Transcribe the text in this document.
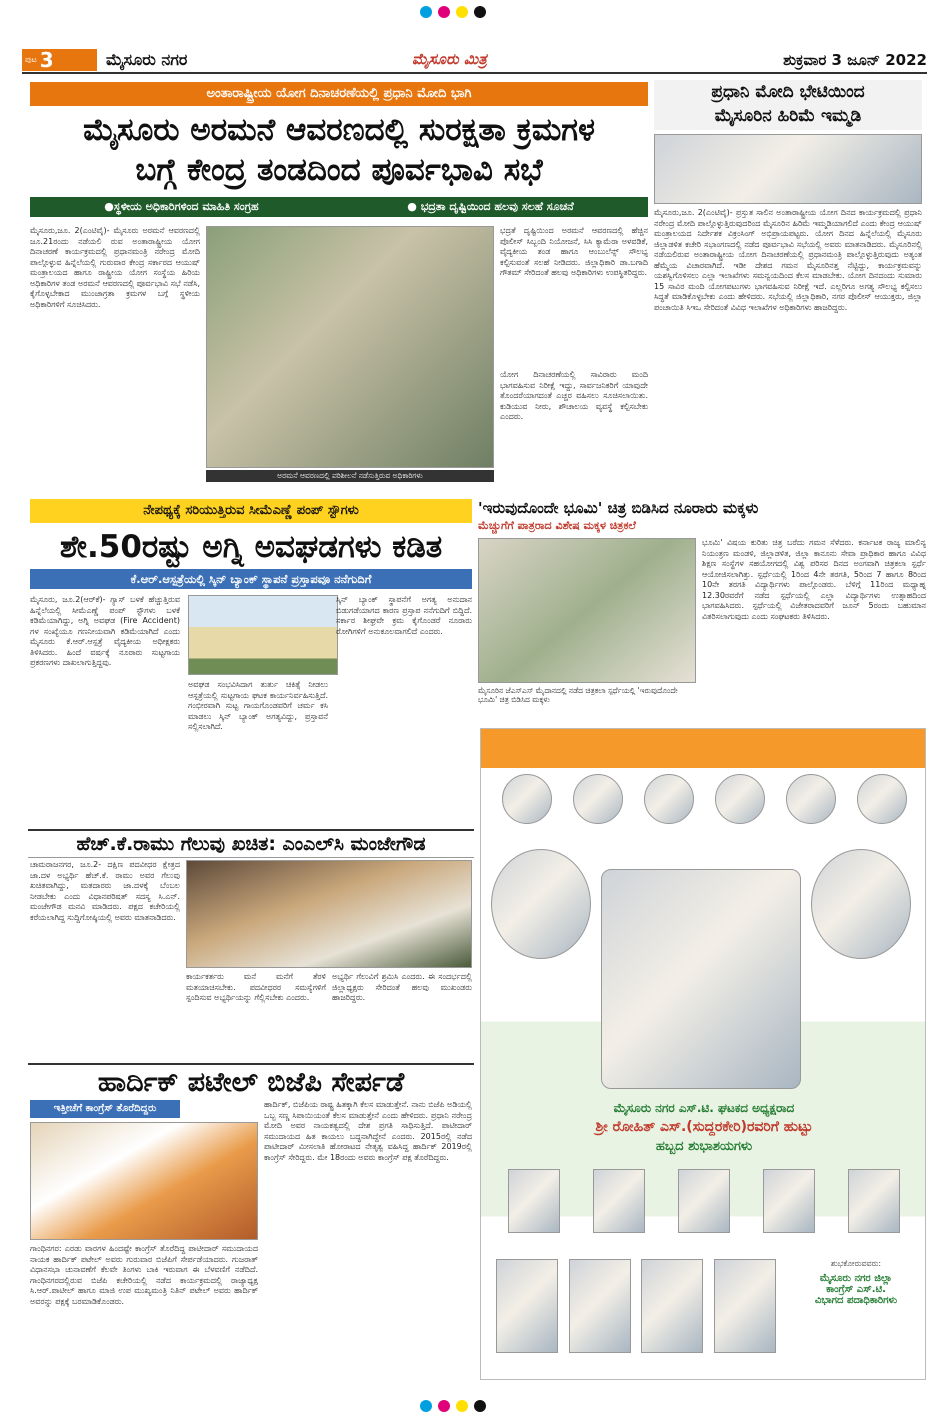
ಪುಟ 3	ಮೈಸೂರು ನಗರ	ಮೈಸೂರು ಮಿತ್ರ	ಶುಕ್ರವಾರ 3 ಜೂನ್ 2022
ಅಂತಾರಾಷ್ಟ್ರೀಯ ಯೋಗ ದಿನಾಚರಣೆಯಲ್ಲಿ ಪ್ರಧಾನಿ ಮೋದಿ ಭಾಗಿ
ಮೈಸೂರು ಅರಮನೆ ಆವರಣದಲ್ಲಿ ಸುರಕ್ಷತಾ ಕ್ರಮಗಳ
ಬಗ್ಗೆ ಕೇಂದ್ರ ತಂಡದಿಂದ ಪೂರ್ವಭಾವಿ ಸಭೆ
●ಸ್ಥಳೀಯ ಅಧಿಕಾರಿಗಳಿಂದ ಮಾಹಿತಿ ಸಂಗ್ರಹ	● ಭದ್ರತಾ ದೃಷ್ಟಿಯಿಂದ ಹಲವು ಸಲಹೆ ಸೂಚನೆ
ಮೈಸೂರು,ಜೂ. 2(ಎಂಟಿವೈ)- ಮೈಸೂರು ಅರಮನೆ ಆವರಣದಲ್ಲಿ ಜೂ.21ರಂದು ನಡೆಯಲಿ ರುವ ಅಂತಾರಾಷ್ಟ್ರೀಯ ಯೋಗ ದಿನಾಚರಣೆ ಕಾರ್ಯಕ್ರಮದಲ್ಲಿ ಪ್ರಧಾನಮಂತ್ರಿ ನರೇಂದ್ರ ಮೋದಿ ಪಾಲ್ಗೊಳ್ಳುವ ಹಿನ್ನೆಲೆಯಲ್ಲಿ ಗುರುವಾರ ಕೇಂದ್ರ ಸರ್ಕಾರದ ಆಯುಷ್ ಮಂತ್ರಾಲಯದ ಹಾಗೂ ರಾಷ್ಟ್ರೀಯ ಯೋಗ ಸಂಸ್ಥೆಯ ಹಿರಿಯ ಅಧಿಕಾರಿಗಳ ತಂಡ ಅರಮನೆ ಆವರಣದಲ್ಲಿ ಪೂರ್ವಭಾವಿ ಸಭೆ ನಡೆಸಿ, ಕೈಗೊಳ್ಳಬೇಕಾದ ಮುಂಜಾಗ್ರತಾ ಕ್ರಮಗಳ ಬಗ್ಗೆ ಸ್ಥಳೀಯ ಅಧಿಕಾರಿಗಳಿಗೆ ಸೂಚಿಸಿದರು.
ಅರಮನೆ ಆವರಣದಲ್ಲಿ ಪರಿಶೀಲನೆ ನಡೆಸುತ್ತಿರುವ ಅಧಿಕಾರಿಗಳು
ಭದ್ರತೆ ದೃಷ್ಟಿಯಿಂದ ಅರಮನೆ ಆವರಣದಲ್ಲಿ ಹೆಚ್ಚಿನ ಪೊಲೀಸ್ ಸಿಬ್ಬಂದಿ ನಿಯೋಜನೆ, ಸಿಸಿ ಕ್ಯಾಮೆರಾ ಅಳವಡಿಕೆ, ವೈದ್ಯಕೀಯ ತಂಡ ಹಾಗೂ ಆಂಬುಲೆನ್ಸ್ ಸೌಲಭ್ಯ ಕಲ್ಪಿಸುವಂತೆ ಸಲಹೆ ನೀಡಿದರು. ಜಿಲ್ಲಾಧಿಕಾರಿ ಡಾ.ಬಗಾದಿ ಗೌತಮ್ ಸೇರಿದಂತೆ ಹಲವು ಅಧಿಕಾರಿಗಳು ಉಪಸ್ಥಿತರಿದ್ದರು.
ಯೋಗ ದಿನಾಚರಣೆಯಲ್ಲಿ ಸಾವಿರಾರು ಮಂದಿ ಭಾಗವಹಿಸುವ ನಿರೀಕ್ಷೆ ಇದ್ದು, ಸಾರ್ವಜನಿಕರಿಗೆ ಯಾವುದೇ ತೊಂದರೆಯಾಗದಂತೆ ಎಚ್ಚರ ವಹಿಸಲು ಸೂಚಿಸಲಾಯಿತು. ಕುಡಿಯುವ ನೀರು, ಶೌಚಾಲಯ ವ್ಯವಸ್ಥೆ ಕಲ್ಪಿಸಬೇಕು ಎಂದರು.
ಪ್ರಧಾನಿ ಮೋದಿ ಭೇಟಿಯಿಂದ
ಮೈಸೂರಿನ ಹಿರಿಮೆ ಇಮ್ಮಡಿ
ಮೈಸೂರು,ಜೂ. 2(ಎಂಟಿವೈ)- ಪ್ರಸ್ತುತ ಸಾಲಿನ ಅಂತಾರಾಷ್ಟ್ರೀಯ ಯೋಗ ದಿನದ ಕಾರ್ಯಕ್ರಮದಲ್ಲಿ ಪ್ರಧಾನಿ ನರೇಂದ್ರ ಮೋದಿ ಪಾಲ್ಗೊಳ್ಳುತ್ತಿರುವುದರಿಂದ ಮೈಸೂರಿನ ಹಿರಿಮೆ ಇಮ್ಮಡಿಯಾಗಲಿದೆ ಎಂದು ಕೇಂದ್ರ ಆಯುಷ್ ಮಂತ್ರಾಲಯದ ನಿರ್ದೇಶಕ ವಿಕ್ರಂಸಿಂಗ್ ಅಭಿಪ್ರಾಯಪಟ್ಟರು. ಯೋಗ ದಿನದ ಹಿನ್ನೆಲೆಯಲ್ಲಿ ಮೈಸೂರು ಜಿಲ್ಲಾಡಳಿತ ಕಚೇರಿ ಸಭಾಂಗಣದಲ್ಲಿ ನಡೆದ ಪೂರ್ವಭಾವಿ ಸಭೆಯಲ್ಲಿ ಅವರು ಮಾತನಾಡಿದರು. ಮೈಸೂರಿನಲ್ಲಿ ನಡೆಯಲಿರುವ ಅಂತಾರಾಷ್ಟ್ರೀಯ ಯೋಗ ದಿನಾಚರಣೆಯಲ್ಲಿ ಪ್ರಧಾನಮಂತ್ರಿ ಪಾಲ್ಗೊಳ್ಳುತ್ತಿರುವುದು ಅತ್ಯಂತ ಹೆಮ್ಮೆಯ ವಿಚಾರವಾಗಿದೆ. ಇಡೀ ದೇಶದ ಗಮನ ಮೈಸೂರಿನತ್ತ ನೆಟ್ಟಿದ್ದು, ಕಾರ್ಯಕ್ರಮವನ್ನು ಯಶಸ್ವಿಗೊಳಿಸಲು ಎಲ್ಲಾ ಇಲಾಖೆಗಳು ಸಮನ್ವಯದಿಂದ ಕೆಲಸ ಮಾಡಬೇಕು. ಯೋಗ ದಿನದಂದು ಸುಮಾರು 15 ಸಾವಿರ ಮಂದಿ ಯೋಗಪಟುಗಳು ಭಾಗವಹಿಸುವ ನಿರೀಕ್ಷೆ ಇದೆ. ಎಲ್ಲರಿಗೂ ಅಗತ್ಯ ಸೌಲಭ್ಯ ಕಲ್ಪಿಸಲು ಸಿದ್ಧತೆ ಮಾಡಿಕೊಳ್ಳಬೇಕು ಎಂದು ಹೇಳಿದರು. ಸಭೆಯಲ್ಲಿ ಜಿಲ್ಲಾಧಿಕಾರಿ, ನಗರ ಪೊಲೀಸ್ ಆಯುಕ್ತರು, ಜಿಲ್ಲಾ ಪಂಚಾಯಿತಿ ಸಿಇಒ ಸೇರಿದಂತೆ ವಿವಿಧ ಇಲಾಖೆಗಳ ಅಧಿಕಾರಿಗಳು ಹಾಜರಿದ್ದರು.
ನೇಪಥ್ಯಕ್ಕೆ ಸರಿಯುತ್ತಿರುವ ಸೀಮೆಎಣ್ಣೆ ಪಂಪ್ ಸ್ಟೌಗಳು
ಶೇ.50ರಷ್ಟು ಅಗ್ನಿ ಅವಘಡಗಳು ಕಡಿತ
ಕೆ.ಆರ್.ಆಸ್ಪತ್ರೆಯಲ್ಲಿ ಸ್ಕಿನ್ ಬ್ಯಾಂಕ್ ಸ್ಥಾಪನೆ ಪ್ರಸ್ತಾಪವೂ ನನೆಗುದಿಗೆ
ಮೈಸೂರು, ಜೂ.2(ಆರ್‌ಕೆ)- ಗ್ಯಾಸ್ ಬಳಕೆ ಹೆಚ್ಚುತ್ತಿರುವ ಹಿನ್ನೆಲೆಯಲ್ಲಿ ಸೀಮೆಎಣ್ಣೆ ಪಂಪ್ ಸ್ಟೌಗಳು ಬಳಕೆ ಕಡಿಮೆಯಾಗಿದ್ದು, ಅಗ್ನಿ ಅವಘಡ (Fire Accident) ಗಳ ಸಂಖ್ಯೆಯೂ ಗಣನೀಯವಾಗಿ ಕಡಿಮೆಯಾಗಿದೆ ಎಂದು ಮೈಸೂರು ಕೆ.ಆರ್.ಆಸ್ಪತ್ರೆ ವೈದ್ಯಕೀಯ ಅಧೀಕ್ಷಕರು ತಿಳಿಸಿದರು. ಹಿಂದೆ ವರ್ಷಕ್ಕೆ ನೂರಾರು ಸುಟ್ಟಗಾಯ ಪ್ರಕರಣಗಳು ದಾಖಲಾಗುತ್ತಿದ್ದವು.
ಅವಘಡ ಸಂಭವಿಸಿದಾಗ ತುರ್ತು ಚಿಕಿತ್ಸೆ ನೀಡಲು ಆಸ್ಪತ್ರೆಯಲ್ಲಿ ಸುಟ್ಟಗಾಯ ಘಟಕ ಕಾರ್ಯನಿರ್ವಹಿಸುತ್ತಿದೆ. ಗಂಭೀರವಾಗಿ ಸುಟ್ಟ ಗಾಯಗೊಂಡವರಿಗೆ ಚರ್ಮ ಕಸಿ ಮಾಡಲು ಸ್ಕಿನ್ ಬ್ಯಾಂಕ್ ಅಗತ್ಯವಿದ್ದು, ಪ್ರಸ್ತಾವನೆ ಸಲ್ಲಿಸಲಾಗಿದೆ.
ಸ್ಕಿನ್ ಬ್ಯಾಂಕ್ ಸ್ಥಾಪನೆಗೆ ಅಗತ್ಯ ಅನುದಾನ ಬಿಡುಗಡೆಯಾಗದ ಕಾರಣ ಪ್ರಸ್ತಾಪ ನನೆಗುದಿಗೆ ಬಿದ್ದಿದೆ. ಸರ್ಕಾರ ಶೀಘ್ರವೇ ಕ್ರಮ ಕೈಗೊಂಡರೆ ನೂರಾರು ರೋಗಿಗಳಿಗೆ ಅನುಕೂಲವಾಗಲಿದೆ ಎಂದರು.
'ಇರುವುದೊಂದೇ ಭೂಮಿ' ಚಿತ್ರ ಬಿಡಿಸಿದ ನೂರಾರು ಮಕ್ಕಳು
ಮೆಚ್ಚುಗೆಗೆ ಪಾತ್ರರಾದ ವಿಶೇಷ ಮಕ್ಕಳ ಚಿತ್ರಕಲೆ
ಮೈಸೂರಿನ ಜೆಎಸ್‌ಎಸ್ ಮೈದಾನದಲ್ಲಿ ನಡೆದ ಚಿತ್ರಕಲಾ ಸ್ಪರ್ಧೆಯಲ್ಲಿ 'ಇರುವುದೊಂದೇ ಭೂಮಿ' ಚಿತ್ರ ಬಿಡಿಸಿದ ಮಕ್ಕಳು
ಭೂಮಿ' ವಿಷಯ ಕುರಿತು ಚಿತ್ರ ಬರೆದು ಗಮನ ಸೆಳೆದರು. ಕರ್ನಾಟಕ ರಾಜ್ಯ ಮಾಲಿನ್ಯ ನಿಯಂತ್ರಣ ಮಂಡಳಿ, ಜಿಲ್ಲಾಡಳಿತ, ಜಿಲ್ಲಾ ಕಾನೂನು ಸೇವಾ ಪ್ರಾಧಿಕಾರ ಹಾಗೂ ವಿವಿಧ ಶಿಕ್ಷಣ ಸಂಸ್ಥೆಗಳ ಸಹಯೋಗದಲ್ಲಿ ವಿಶ್ವ ಪರಿಸರ ದಿನದ ಅಂಗವಾಗಿ ಚಿತ್ರಕಲಾ ಸ್ಪರ್ಧೆ ಆಯೋಜಿಸಲಾಗಿತ್ತು. ಸ್ಪರ್ಧೆಯಲ್ಲಿ 1ರಿಂದ 4ನೇ ತರಗತಿ, 5ರಿಂದ 7 ಹಾಗೂ 8ರಿಂದ 10ನೇ ತರಗತಿ ವಿದ್ಯಾರ್ಥಿಗಳು ಪಾಲ್ಗೊಂಡರು. ಬೆಳಿಗ್ಗೆ 11ರಿಂದ ಮಧ್ಯಾಹ್ನ 12.30ರವರೆಗೆ ನಡೆದ ಸ್ಪರ್ಧೆಯಲ್ಲಿ ಎಲ್ಲಾ ವಿದ್ಯಾರ್ಥಿಗಳು ಉತ್ಸಾಹದಿಂದ ಭಾಗವಹಿಸಿದರು. ಸ್ಪರ್ಧೆಯಲ್ಲಿ ವಿಜೇತರಾದವರಿಗೆ ಜೂನ್ 5ರಂದು ಬಹುಮಾನ ವಿತರಿಸಲಾಗುವುದು ಎಂದು ಸಂಘಟಕರು ತಿಳಿಸಿದರು.
ಹೆಚ್.ಕೆ.ರಾಮು ಗೆಲುವು ಖಚಿತ: ಎಂಎಲ್‌ಸಿ ಮಂಜೇಗೌಡ
ಚಾಮರಾಜನಗರ, ಜೂ.2- ದಕ್ಷಿಣ ಪದವೀಧರ ಕ್ಷೇತ್ರದ ಜಾ.ದಳ ಅಭ್ಯರ್ಥಿ ಹೆಚ್.ಕೆ. ರಾಮು ಅವರ ಗೆಲುವು ಖಚಿತವಾಗಿದ್ದು, ಮತದಾರರು ಜಾ.ದಳಕ್ಕೆ ಬೆಂಬಲ ನೀಡಬೇಕು ಎಂದು ವಿಧಾನಪರಿಷತ್ ಸದಸ್ಯ ಸಿ.ಎನ್. ಮಂಜೇಗೌಡ ಮನವಿ ಮಾಡಿದರು. ಪಕ್ಷದ ಕಚೇರಿಯಲ್ಲಿ ಕರೆಯಲಾಗಿದ್ದ ಸುದ್ದಿಗೋಷ್ಠಿಯಲ್ಲಿ ಅವರು ಮಾತನಾಡಿದರು.
ಕಾರ್ಯಕರ್ತರು ಮನೆ ಮನೆಗೆ ತೆರಳಿ ಮತಯಾಚಿಸಬೇಕು. ಪದವೀಧರರ ಸಮಸ್ಯೆಗಳಿಗೆ ಸ್ಪಂದಿಸುವ ಅಭ್ಯರ್ಥಿಯನ್ನು ಗೆಲ್ಲಿಸಬೇಕು ಎಂದರು.
ಅಭ್ಯರ್ಥಿ ಗೆಲುವಿಗೆ ಶ್ರಮಿಸಿ ಎಂದರು. ಈ ಸಂದರ್ಭದಲ್ಲಿ ಜಿಲ್ಲಾಧ್ಯಕ್ಷರು ಸೇರಿದಂತೆ ಹಲವು ಮುಖಂಡರು ಹಾಜರಿದ್ದರು.
ಹಾರ್ದಿಕ್ ಪಟೇಲ್ ಬಿಜೆಪಿ ಸೇರ್ಪಡೆ
ಇತ್ತೀಚೆಗೆ ಕಾಂಗ್ರೆಸ್ ತೊರೆದಿದ್ದರು
ಗಾಂಧಿನಗರ: ಎರಡು ವಾರಗಳ ಹಿಂದಷ್ಟೇ ಕಾಂಗ್ರೆಸ್ ತೊರೆದಿದ್ದ ಪಾಟೀದಾರ್ ಸಮುದಾಯದ ನಾಯಕ ಹಾರ್ದಿಕ್ ಪಟೇಲ್ ಅವರು ಗುರುವಾರ ಬಿಜೆಪಿಗೆ ಸೇರ್ಪಡೆಯಾದರು. ಗುಜರಾತ್ ವಿಧಾನಸಭಾ ಚುನಾವಣೆಗೆ ಕೆಲವೇ ತಿಂಗಳು ಬಾಕಿ ಇರುವಾಗ ಈ ಬೆಳವಣಿಗೆ ನಡೆದಿದೆ. ಗಾಂಧಿನಗರದಲ್ಲಿರುವ ಬಿಜೆಪಿ ಕಚೇರಿಯಲ್ಲಿ ನಡೆದ ಕಾರ್ಯಕ್ರಮದಲ್ಲಿ ರಾಜ್ಯಾಧ್ಯಕ್ಷ ಸಿ.ಆರ್.ಪಾಟೀಲ್ ಹಾಗೂ ಮಾಜಿ ಉಪ ಮುಖ್ಯಮಂತ್ರಿ ನಿತಿನ್ ಪಟೇಲ್ ಅವರು ಹಾರ್ದಿಕ್ ಅವರನ್ನು ಪಕ್ಷಕ್ಕೆ ಬರಮಾಡಿಕೊಂಡರು.
ಹಾರ್ದಿಕ್, ಬಿಜೆಪಿಯ ರಾಷ್ಟ್ರ ಹಿತಕ್ಕಾಗಿ ಕೆಲಸ ಮಾಡುತ್ತೇನೆ. ನಾನು ಬಿಜೆಪಿ ಅಡಿಯಲ್ಲಿ ಒಬ್ಬ ಸಣ್ಣ ಸಿಪಾಯಿಯಂತೆ ಕೆಲಸ ಮಾಡುತ್ತೇನೆ ಎಂದು ಹೇಳಿದರು. ಪ್ರಧಾನಿ ನರೇಂದ್ರ ಮೋದಿ ಅವರ ನಾಯಕತ್ವದಲ್ಲಿ ದೇಶ ಪ್ರಗತಿ ಸಾಧಿಸುತ್ತಿದೆ. ಪಾಟೀದಾರ್ ಸಮುದಾಯದ ಹಿತ ಕಾಯಲು ಬದ್ಧನಾಗಿದ್ದೇನೆ ಎಂದರು. 2015ರಲ್ಲಿ ನಡೆದ ಪಾಟೀದಾರ್ ಮೀಸಲಾತಿ ಹೋರಾಟದ ನೇತೃತ್ವ ವಹಿಸಿದ್ದ ಹಾರ್ದಿಕ್ 2019ರಲ್ಲಿ ಕಾಂಗ್ರೆಸ್ ಸೇರಿದ್ದರು. ಮೇ 18ರಂದು ಅವರು ಕಾಂಗ್ರೆಸ್ ಪಕ್ಷ ತೊರೆದಿದ್ದರು.
ಮೈಸೂರು ನಗರ ಎಸ್.ಟಿ. ಘಟಕದ ಅಧ್ಯಕ್ಷರಾದ
ಶ್ರೀ ರೋಹಿತ್ ಎಸ್.(ಸುದ್ದರಕೇರಿ)ರವರಿಗೆ ಹುಟ್ಟು
ಹಬ್ಬದ ಶುಭಾಶಯಗಳು
ಶುಭಕೋರುವವರು:
ಮೈಸೂರು ನಗರ ಜಿಲ್ಲಾ
ಕಾಂಗ್ರೆಸ್ ಎಸ್.ಟಿ.
ವಿಭಾಗದ ಪದಾಧಿಕಾರಿಗಳು
